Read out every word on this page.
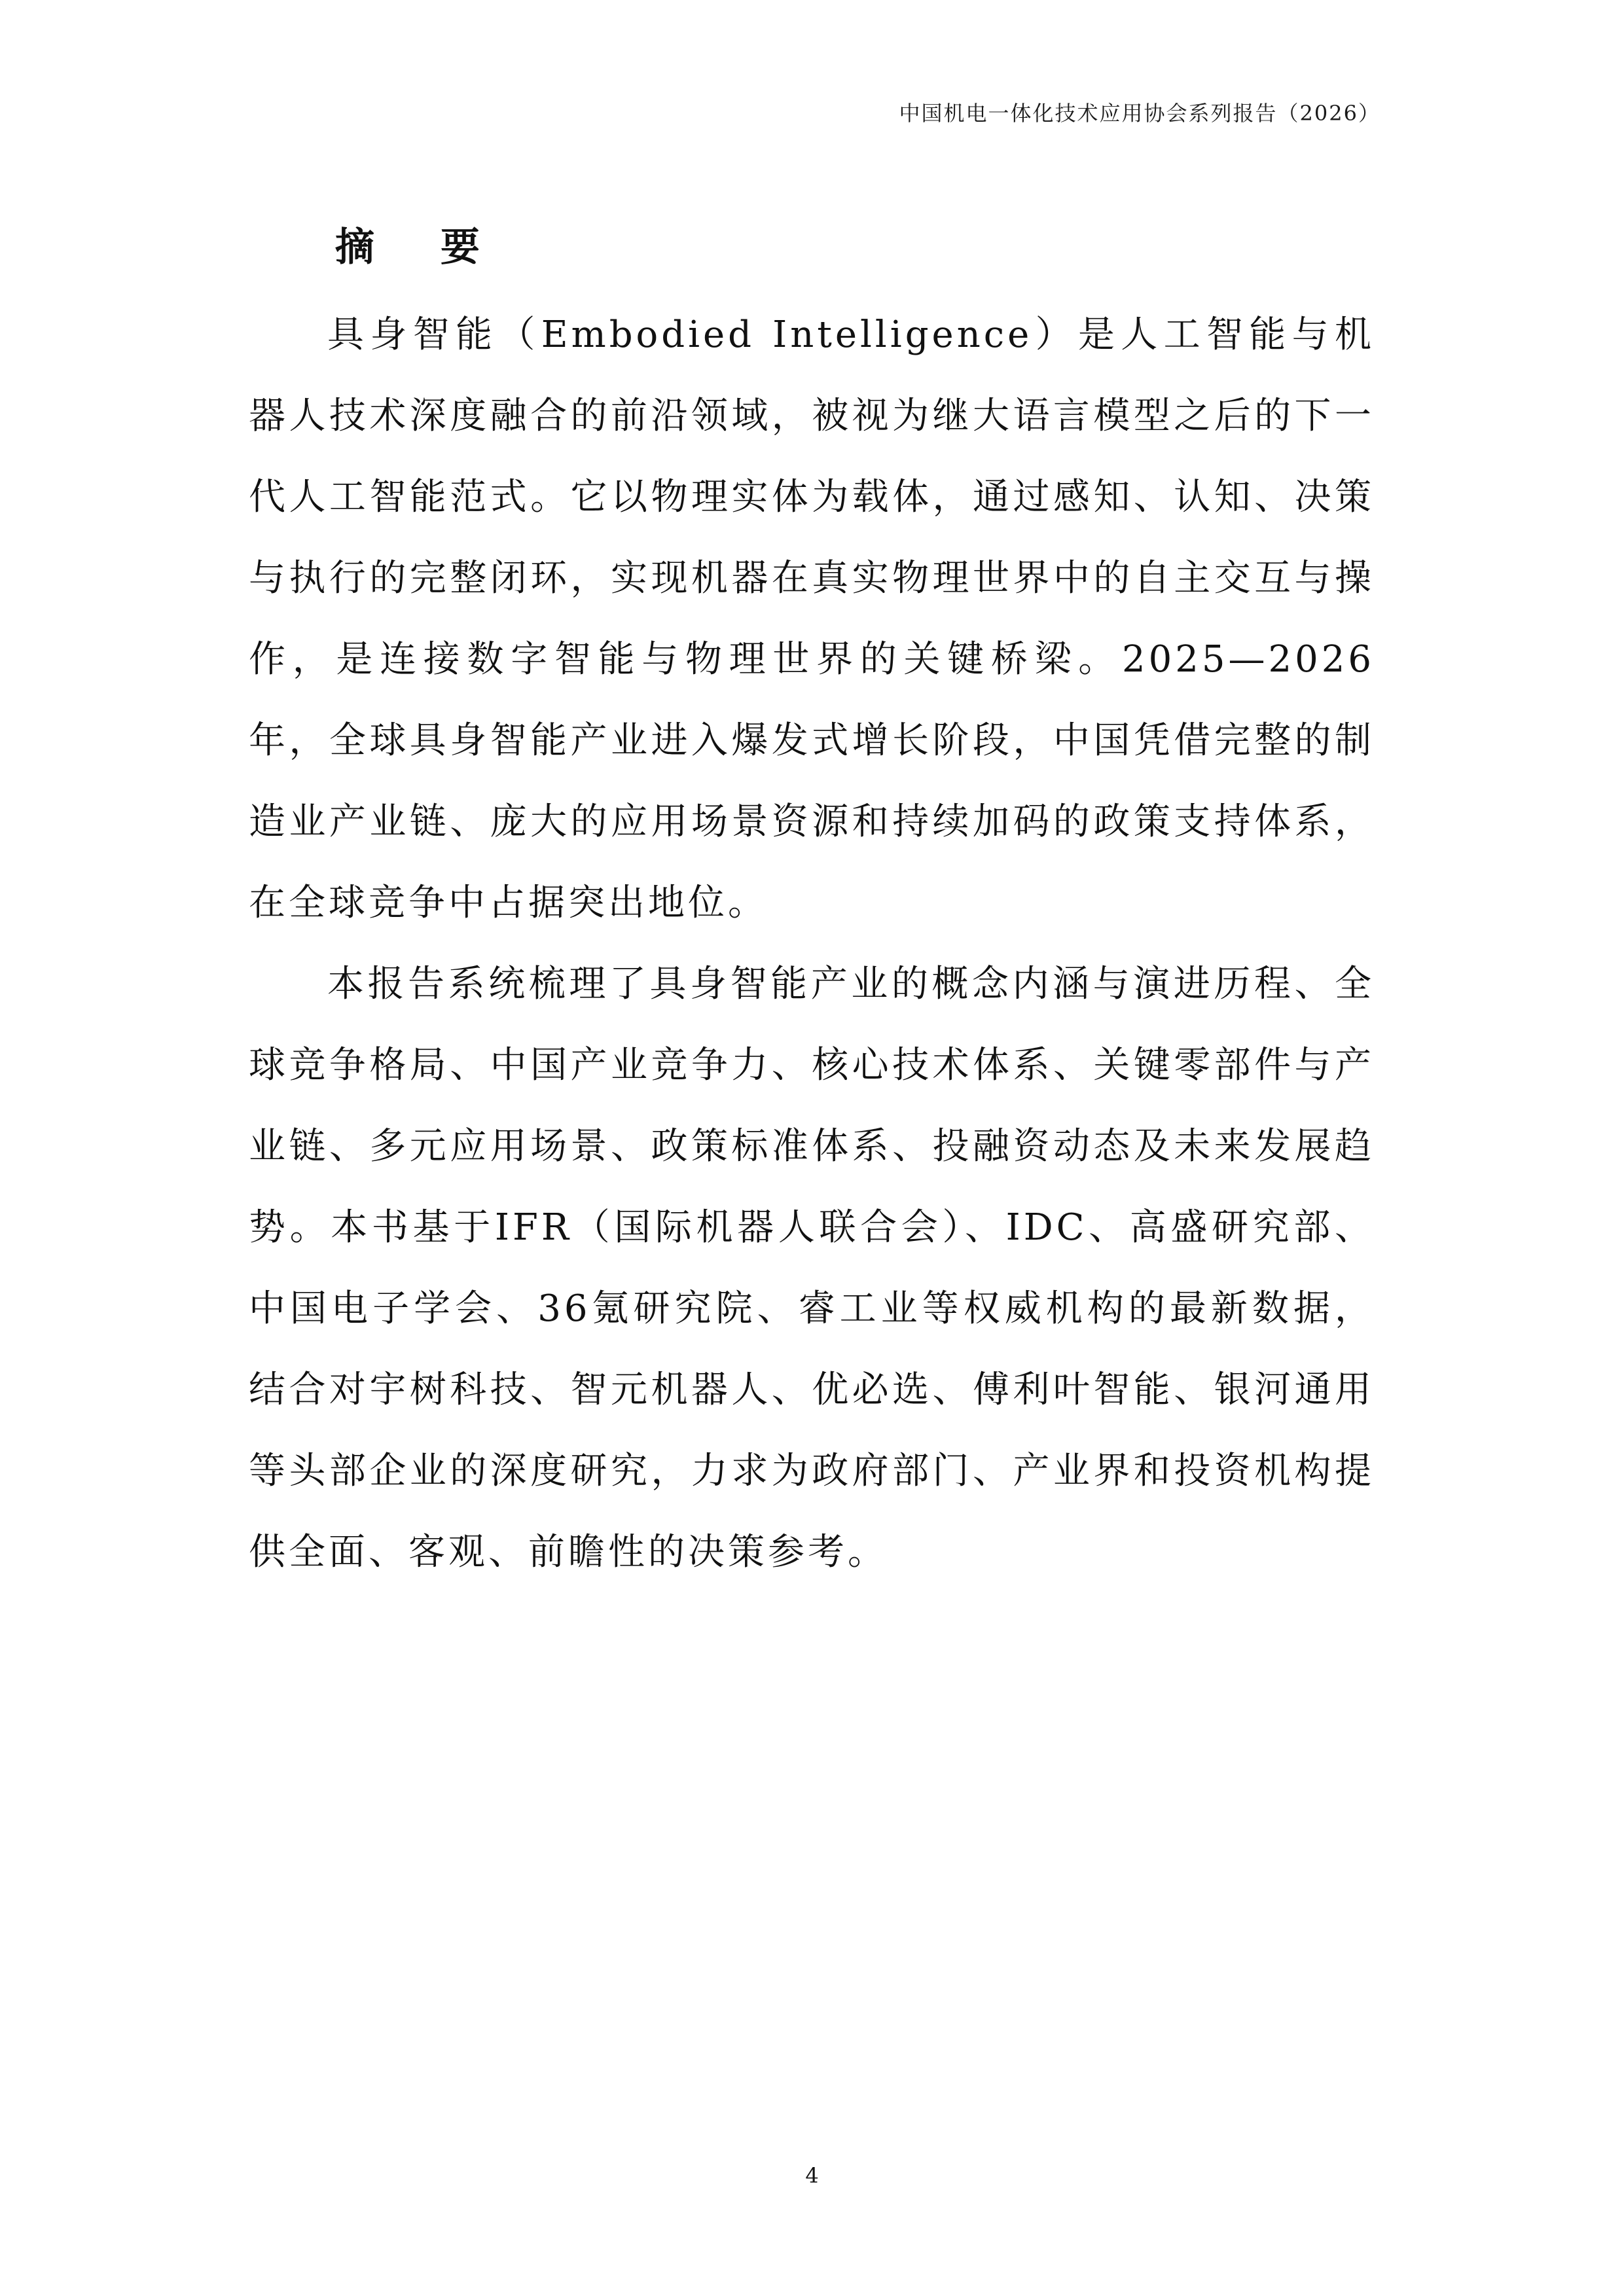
中国机电一体化技术应用协会系列报告（2026）
摘 要

具身智能（Embodied Intelligence）是人工智能与机器人技术深度融合的前沿领域，被视为继大语言模型之后的下一代人工智能范式。它以物理实体为载体，通过感知、认知、决策与执行的完整闭环，实现机器在真实物理世界中的自主交互与操作，是连接数字智能与物理世界的关键桥梁。2025—2026年，全球具身智能产业进入爆发式增长阶段，中国凭借完整的制造业产业链、庞大的应用场景资源和持续加码的政策支持体系，在全球竞争中占据突出地位。

本报告系统梳理了具身智能产业的概念内涵与演进历程、全球竞争格局、中国产业竞争力、核心技术体系、关键零部件与产业链、多元应用场景、政策标准体系、投融资动态及未来发展趋势。本书基于IFR（国际机器人联合会）、IDC、高盛研究部、中国电子学会、36氪研究院、睿工业等权威机构的最新数据，结合对宇树科技、智元机器人、优必选、傅利叶智能、银河通用等头部企业的深度研究，力求为政府部门、产业界和投资机构提供全面、客观、前瞻性的决策参考。

4
